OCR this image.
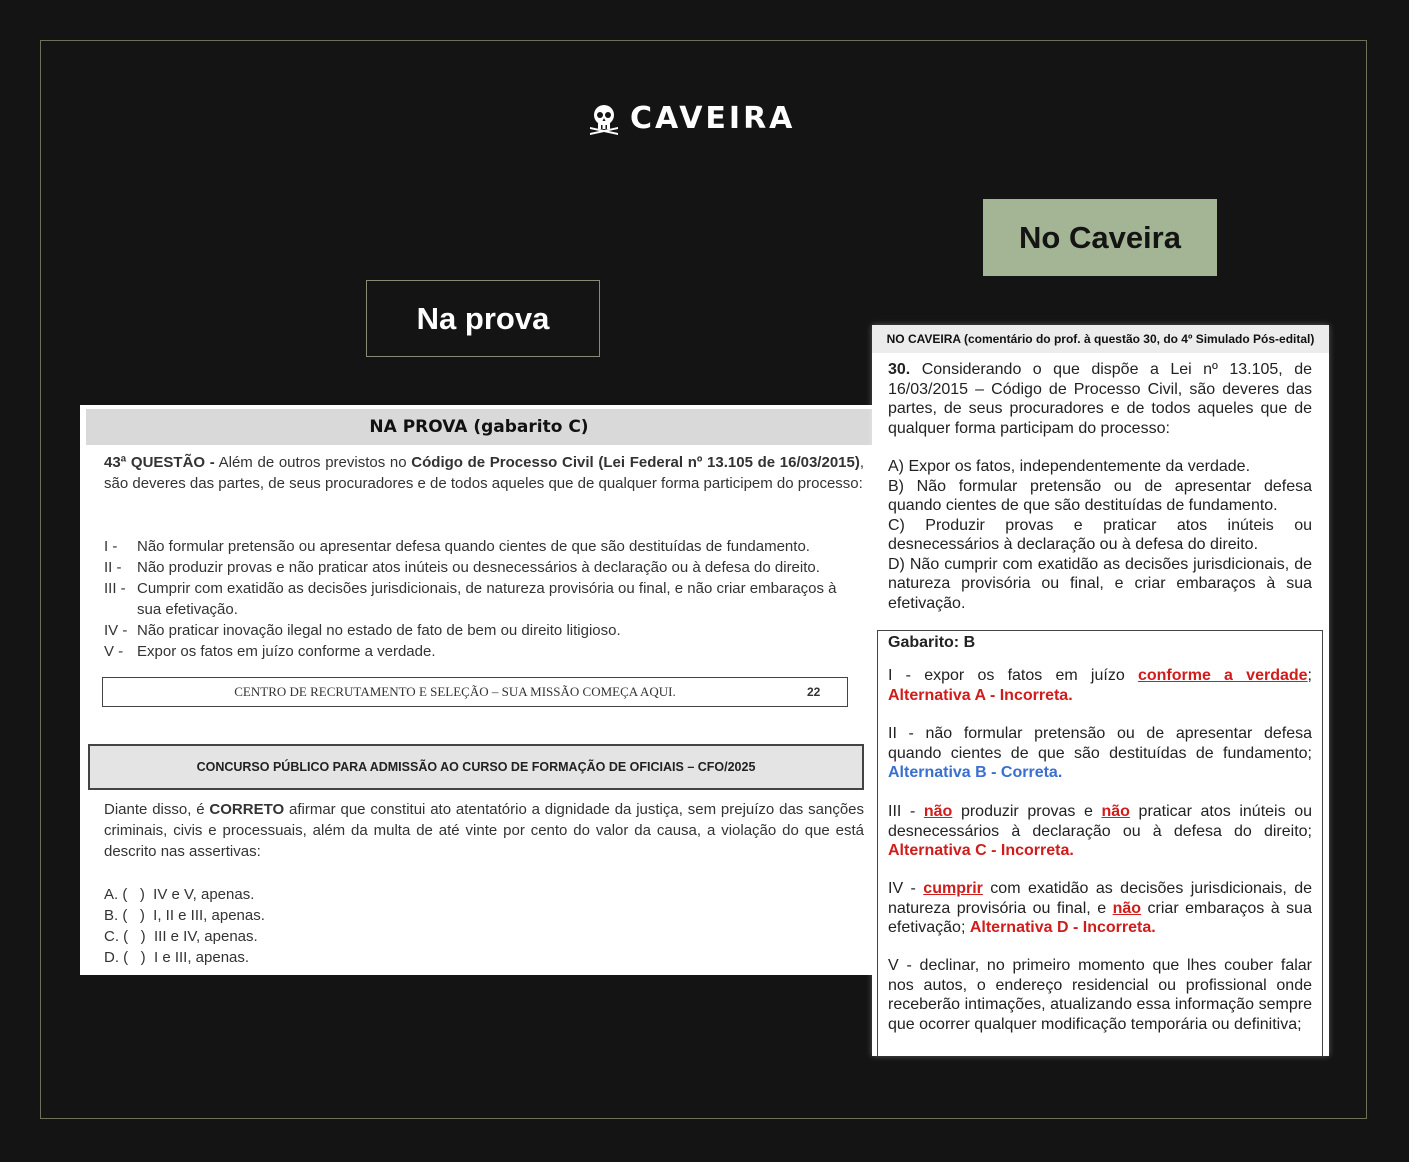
CAVEIRA
Na prova
No Caveira
NA PROVA (gabarito C)
43ª QUESTÃO - Além de outros previstos no Código de Processo Civil (Lei Federal nº 13.105 de 16/03/2015), são deveres das partes, de seus procuradores e de todos aqueles que de qualquer forma participem do processo:
I -	Não formular pretensão ou apresentar defesa quando cientes de que são destituídas de fundamento.
II -	Não produzir provas e não praticar atos inúteis ou desnecessários à declaração ou à defesa do direito.
III - Cumprir com exatidão as decisões jurisdicionais, de natureza provisória ou final, e não criar embaraços à sua efetivação.
IV - Não praticar inovação ilegal no estado de fato de bem ou direito litigioso.
V - Expor os fatos em juízo conforme a verdade.
CENTRO DE RECRUTAMENTO E SELEÇÃO – SUA MISSÃO COMEÇA AQUI.	22
CONCURSO PÚBLICO PARA ADMISSÃO AO CURSO DE FORMAÇÃO DE OFICIAIS – CFO/2025
Diante disso, é CORRETO afirmar que constitui ato atentatório a dignidade da justiça, sem prejuízo das sanções criminais, civis e processuais, além da multa de até vinte por cento do valor da causa, a violação do que está descrito nas assertivas:
A. (   )  IV e V, apenas.
B. (   )  I, II e III, apenas.
C. (   )  III e IV, apenas.
D. (   )  I e III, apenas.
NO CAVEIRA (comentário do prof. à questão 30, do 4º Simulado Pós-edital)
30. Considerando o que dispõe a Lei nº 13.105, de 16/03/2015 – Código de Processo Civil, são deveres das partes, de seus procuradores e de todos aqueles que de qualquer forma participam do processo:
A) Expor os fatos, independentemente da verdade.
B) Não formular pretensão ou de apresentar defesa quando cientes de que são destituídas de fundamento.
C) Produzir provas e praticar atos inúteis ou desnecessários à declaração ou à defesa do direito.
D) Não cumprir com exatidão as decisões jurisdicionais, de natureza provisória ou final, e criar embaraços à sua efetivação.
Gabarito: B
I - expor os fatos em juízo conforme a verdade; Alternativa A - Incorreta.
II - não formular pretensão ou de apresentar defesa quando cientes de que são destituídas de fundamento; Alternativa B - Correta.
III - não produzir provas e não praticar atos inúteis ou desnecessários à declaração ou à defesa do direito; Alternativa C - Incorreta.
IV - cumprir com exatidão as decisões jurisdicionais, de natureza provisória ou final, e não criar embaraços à sua efetivação; Alternativa D - Incorreta.
V - declinar, no primeiro momento que lhes couber falar nos autos, o endereço residencial ou profissional onde receberão intimações, atualizando essa informação sempre que ocorrer qualquer modificação temporária ou definitiva;
